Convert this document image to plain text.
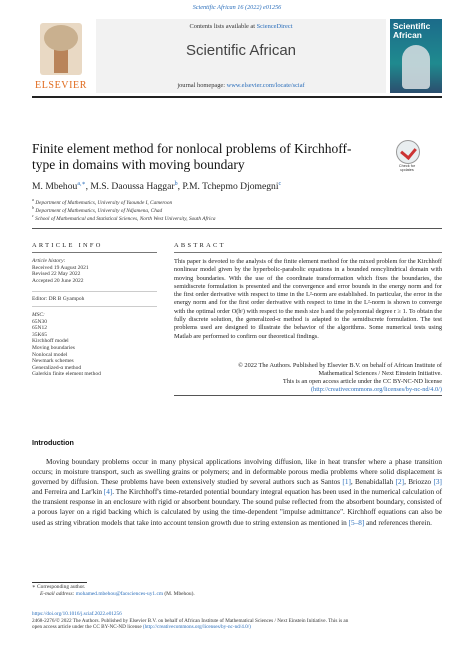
Scientific African 16 (2022) e01256
ELSEVIER
Contents lists available at ScienceDirect
Scientific African
journal homepage: www.elsevier.com/locate/sciaf
Scientific African
Finite element method for nonlocal problems of Kirchhoff-type in domains with moving boundary	Check for updates
M. Mbehou$^{a,∗}$, M.S. Daoussa Haggar$^b$, P.M. Tchepmo Djomegni$^c$
$^a$ Department of Mathematics, University of Yaounde I, Cameroon
$^b$ Department of Mathematics, University of Ndjamena, Chad
$^c$ School of Mathematical and Statistical Sciences, North West University, South Africa
ARTICLE INFO	ABSTRACT
Article history:
Received 19 August 2021
Revised 22 May 2022
Accepted 20 June 2022
Editor: DR B Gyampoh
MSC:
65N30
65N12
35K65
Kirchhoff model
Moving boundaries
Nonlocal model
Newmark schemes
Generalized-α method
Galerkin finite element method
This paper is devoted to the analysis of the finite element method for the mixed problem for the Kirchhoff nonlinear model given by the hyperbolic-parabolic equations in a bounded noncylindrical domain with moving boundaries. With the use of the coordinate transformation which fixes the boundaries, the semidiscrete formulation is presented and the convergence and error bounds in the energy norm and for the first order derivative with respect to time in the L²-norm are established. In particular, the error in the energy norm and for the first order derivative with respect to time in the L²-norm is shown to converge with the optimal order O(hʳ) with respect to the mesh size h and the polynomial degree r ≥ 1. To obtain the fully discrete solution, the generalized-α method is adapted to the semidiscrete formulation. The test problems used are designed to illustrate the behavior of the algorithms. Some numerical tests using Matlab are performed to confirm our theoretical findings.
© 2022 The Authors. Published by Elsevier B.V. on behalf of African Institute of
Mathematical Sciences / Next Einstein Initiative.
This is an open access article under the CC BY-NC-ND license
(http://creativecommons.org/licenses/by-nc-nd/4.0/)
Introduction

Moving boundary problems occur in many physical applications involving diffusion, like in heat transfer where a phase transition occurs; in moisture transport, such as swelling grains or polymers; and in deformable porous media problems where solid displacement is governed by diffusion. These problems have been extensively studied by several authors such as Santos [1], Benabidallah [2], Briozzo [3] and Ferreira and Lar'kin [4]. The Kirchhoff's time-retarded potential boundary integral equation has been used in the numerical calculation of the transient response in an enclosure with rigid or absorbent boundary. The sound pulse reflected from the absorbent boundary, consisted of a porous layer on a rigid backing which is calculated by using the time-dependent "impulse admittance". Kirchhoff equations can also be used as string vibration models that take into account tension growth due to string extension as mentioned in [5–8] and references therein.

∗ Corresponding author.
E-mail address: mohamed.mbehou@facsciences-uy1.cm (M. Mbehou).
https://doi.org/10.1016/j.sciaf.2022.e01256
2468-2276/© 2022 The Authors. Published by Elsevier B.V. on behalf of African Institute of Mathematical Sciences / Next Einstein Initiative. This is an
open access article under the CC BY-NC-ND license (http://creativecommons.org/licenses/by-nc-nd/4.0/)
